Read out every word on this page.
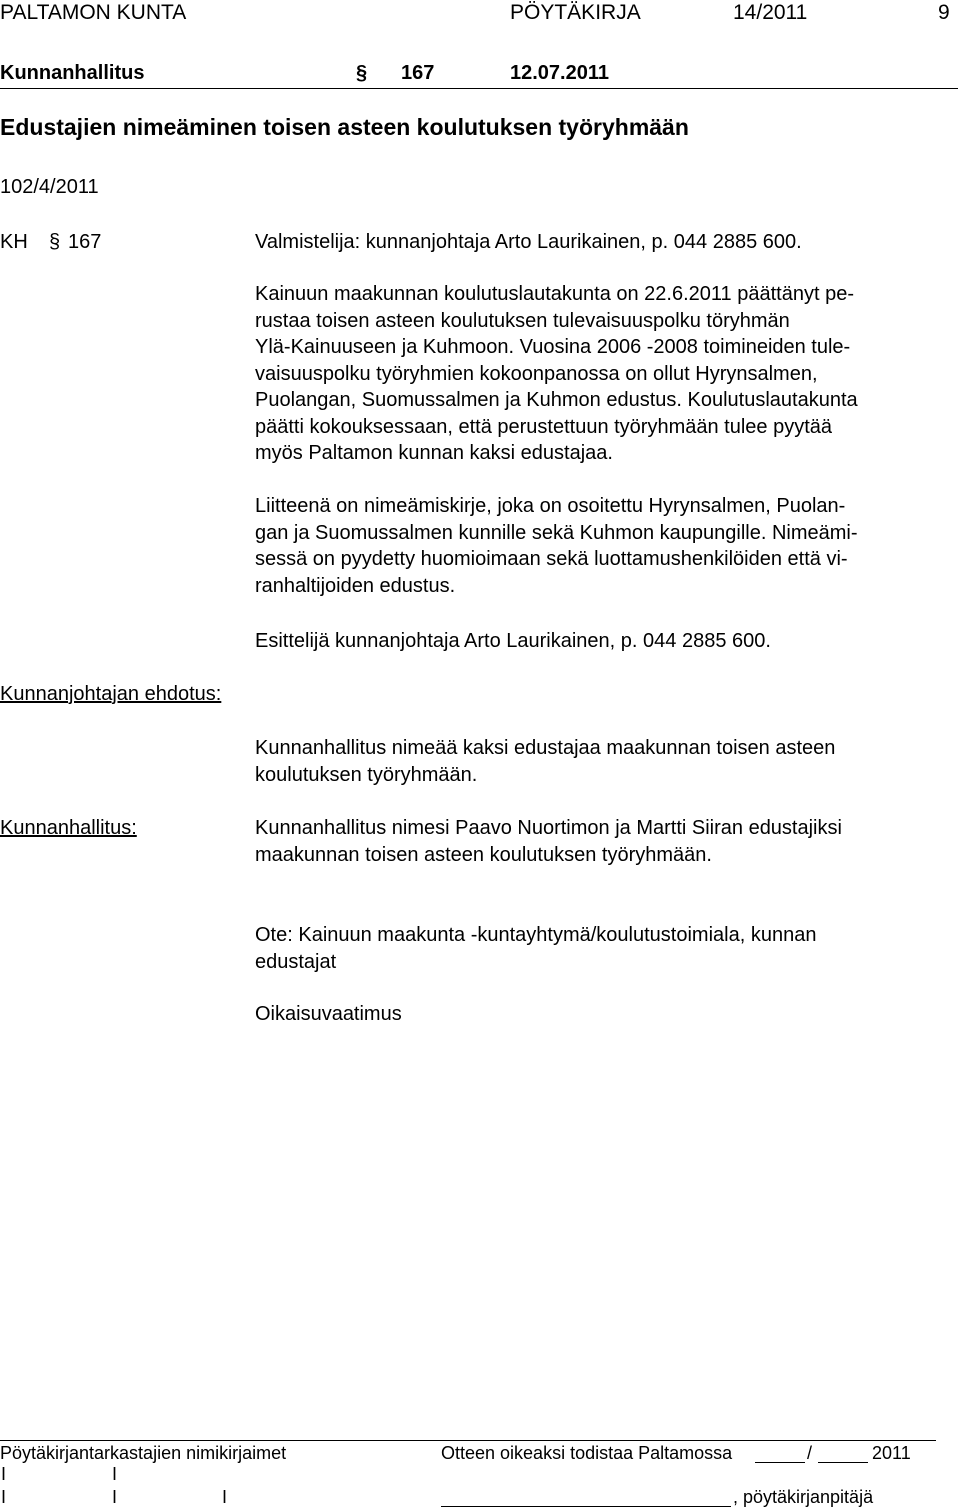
PALTAMON KUNTA	PÖYTÄKIRJA	14/2011	9
Kunnanhallitus	§ 167	12.07.2011
Edustajien nimeäminen toisen asteen koulutuksen työryhmään
102/4/2011
KH § 167	Valmistelija: kunnanjohtaja Arto Laurikainen, p. 044 2885 600.
Kainuun maakunnan koulutuslautakunta on 22.6.2011 päättänyt pe-
rustaa toisen asteen koulutuksen tulevaisuuspolku töryhmän
Ylä-Kainuuseen ja Kuhmoon. Vuosina 2006 -2008 toimineiden tule-
vaisuuspolku työryhmien kokoonpanossa on ollut Hyrynsalmen,
Puolangan, Suomussalmen ja Kuhmon edustus. Koulutuslautakunta
päätti kokouksessaan, että perustettuun työryhmään tulee pyytää
myös Paltamon kunnan kaksi edustajaa.
Liitteenä on nimeämiskirje, joka on osoitettu Hyrynsalmen, Puolan-
gan ja Suomussalmen kunnille sekä Kuhmon kaupungille. Nimeämi-
sessä on pyydetty huomioimaan sekä luottamushenkilöiden että vi-
ranhaltijoiden edustus.
Esittelijä kunnanjohtaja Arto Laurikainen, p. 044 2885 600.
Kunnanjohtajan ehdotus:
Kunnanhallitus nimeää kaksi edustajaa maakunnan toisen asteen
koulutuksen työryhmään.
Kunnanhallitus:	Kunnanhallitus nimesi Paavo Nuortimon ja Martti Siiran edustajiksi
maakunnan toisen asteen koulutuksen työryhmään.
Ote: Kainuun maakunta -kuntayhtymä/koulutustoimiala, kunnan
edustajat
Oikaisuvaatimus
Pöytäkirjantarkastajien nimikirjaimet	Otteen oikeaksi todistaa Paltamossa	/	2011
I	I
I	I	I	, pöytäkirjanpitäjä
